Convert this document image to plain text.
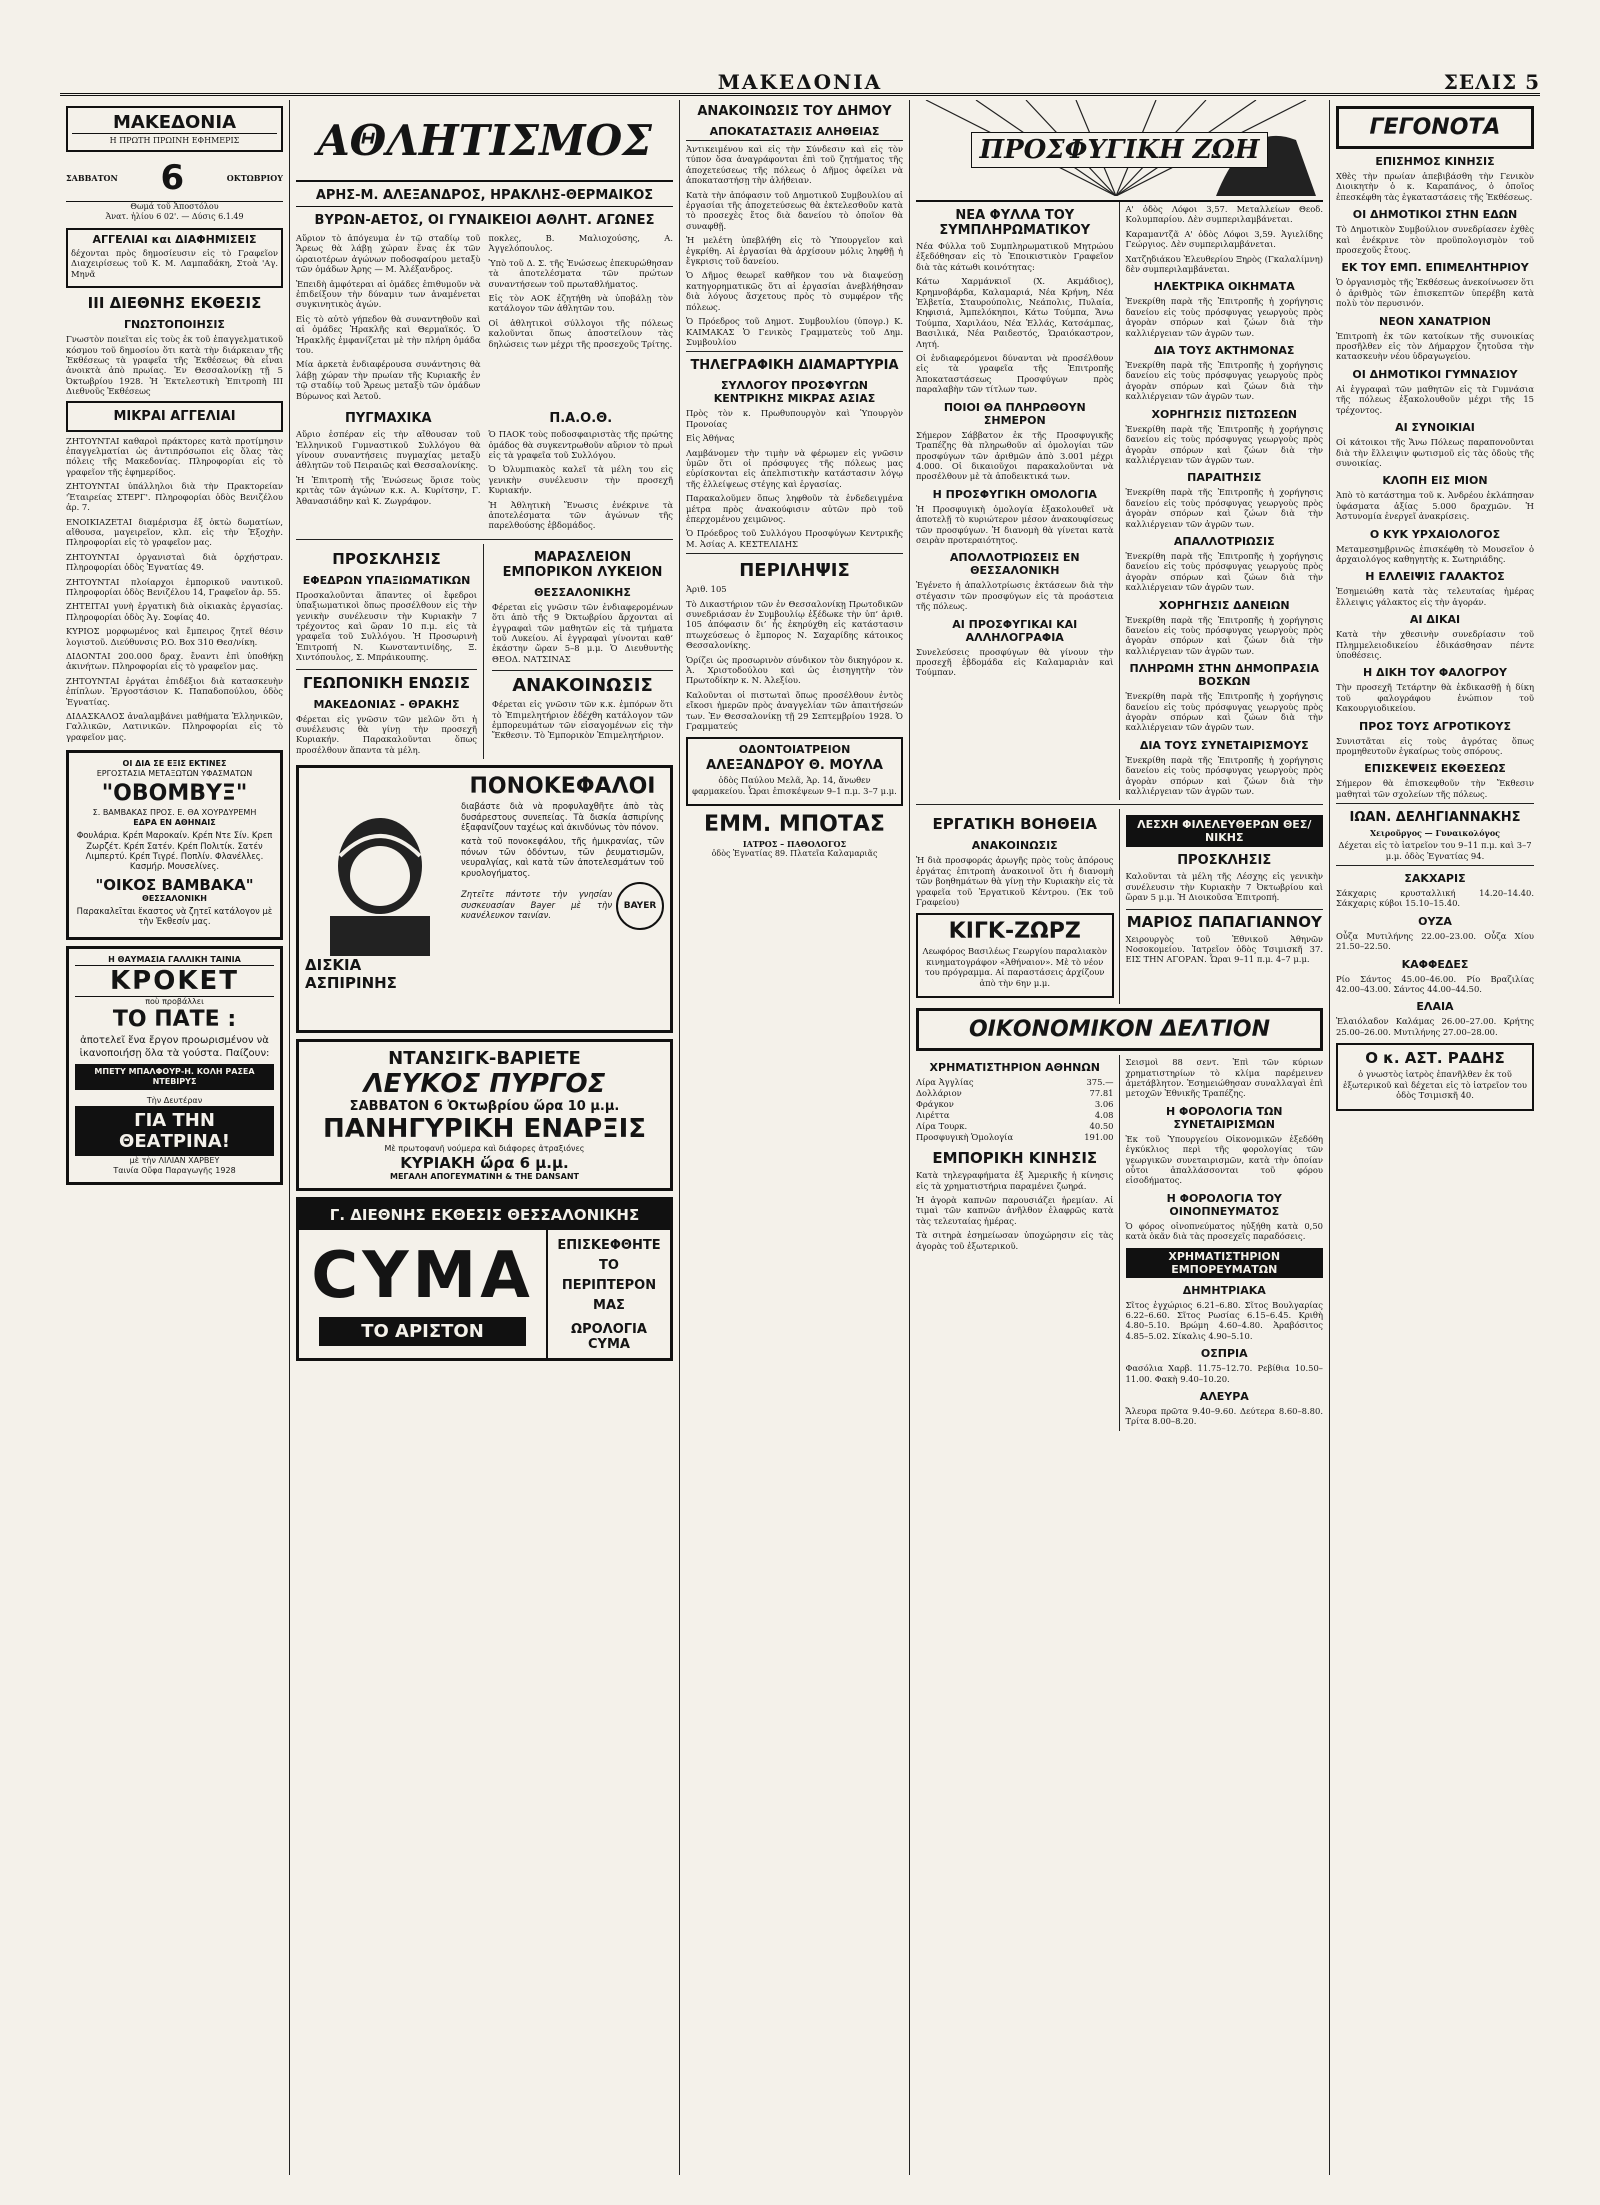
ΜΑΚΕΔΟΝΙΑ	ΣΕΛΙΣ 5
ΜΑΚΕΔΟΝΙΑ
Η ΠΡΩΤΗ ΠΡΩΙΝΗ ΕΦΗΜΕΡΙΣ
ΣΑΒΒΑΤΟΝ 6	ΟΚΤΩΒΡΙΟΥ
Θωμά τοῦ Ἀποστόλου
Ἀνατ. ἡλίου 6 02'. — Δύσις 6.1.49
ΑΓΓΕΛΙΑΙ και ΔΙΑΦΗΜΙΣΕΙΣ
δέχονται πρὸς δημοσίευσιν εἰς τὸ Γραφεῖον Διαχειρίσεως τοῦ Κ. Μ. Λαμπαδάκη, Στοὰ 'Αγ. Μηνᾶ
ΙΙΙ ΔΙΕΘΝΗΣ ΕΚΘΕΣΙΣ
ΓΝΩΣΤΟΠΟΙΗΣΙΣ
Γνωστὸν ποιεῖται εἰς τοὺς ἐκ τοῦ ἐπαγγελματικοῦ κόσμου τοῦ δημοσίου ὅτι κατὰ τὴν διάρκειαν τῆς Ἐκθέσεως τὰ γραφεῖα τῆς Ἐκθέσεως θὰ εἶναι ἀνοικτὰ ἀπὸ πρωίας. Ἐν Θεσσαλονίκῃ τῇ 5 Ὀκτωβρίου 1928. Ἡ Ἐκτελεστικὴ Ἐπιτροπὴ III Διεθνοῦς Ἐκθέσεως
ΜΙΚΡΑΙ ΑΓΓΕΛΙΑΙ
ΖΗΤΟΥΝΤΑΙ καθαροὶ πράκτορες κατὰ προτίμησιν ἐπαγγελματίαι ὡς ἀντιπρόσωποι εἰς ὅλας τὰς πόλεις τῆς Μακεδονίας. Πληροφορίαι εἰς τὸ γραφεῖον τῆς ἐφημερίδος.
ΖΗΤΟΥΝΤΑΙ ὑπάλληλοι διὰ τὴν Πρακτορείαν 'Ἐταιρείας ΣΤΕΡΓ'. Πληροφορίαι ὁδὸς Βενιζέλου ἀρ. 7.
ΕΝΟΙΚΙΑΖΕΤΑΙ διαμέρισμα ἐξ ὀκτὼ δωματίων, αἴθουσα, μαγειρεῖον, κλπ. εἰς τὴν Ἐξοχὴν. Πληροφορίαι εἰς τὸ γραφεῖον μας.
ΖΗΤΟΥΝΤΑΙ ὀργανισταὶ διὰ ὀρχήστραν. Πληροφορίαι ὁδὸς Ἐγνατίας 49.
ΖΗΤΟΥΝΤΑΙ πλοίαρχοι ἐμπορικοῦ ναυτικοῦ. Πληροφορίαι ὁδὸς Βενιζέλου 14, Γραφεῖον ἀρ. 55.
ΖΗΤΕΙΤΑΙ γυνὴ ἐργατικὴ διὰ οἰκιακὰς ἐργασίας. Πληροφορίαι ὁδὸς Ἁγ. Σοφίας 40.
ΚΥΡΙΟΣ μορφωμένος καὶ ἔμπειρος ζητεῖ θέσιν λογιστοῦ. Διεύθυνσις P.O. Box 310 Θεσ/νίκη.
ΔΙΔΟΝΤΑΙ 200.000 δραχ. ἔναντι ἐπὶ ὑποθήκῃ ἀκινήτων. Πληροφορίαι εἰς τὸ γραφεῖον μας.
ΖΗΤΟΥΝΤΑΙ ἐργάται ἐπιδέξιοι διὰ κατασκευὴν ἐπίπλων. Ἐργοστάσιον Κ. Παπαδοπούλου, ὁδὸς Ἐγνατίας.
ΔΙΔΑΣΚΑΛΟΣ ἀναλαμβάνει μαθήματα Ἑλληνικῶν, Γαλλικῶν, Λατινικῶν. Πληροφορίαι εἰς τὸ γραφεῖον μας.
ΟΙ ΔΙΑ ΣΕ ΕΞΙΣ ΕΚΤΙΝΕΣ
ΕΡΓΟΣΤΑΣΙΑ ΜΕΤΑΞΩΤΩΝ ΥΦΑΣΜΑΤΩΝ
"ΟΒΟΜΒΥΞ"
Σ. ΒΑΜΒΑΚΑΣ ΠΡΟΣ. Ε. ΘΑ ΧΟΥΡΔΥΡΕΜΗ
ΕΔΡΑ ΕΝ ΑΘΗΝΑΙΣ
Φουλάρια. Κρέπ Μαροκαίν. Κρέπ Ντε Σίν. Κρεπ Ζωρζέτ. Κρέπ Σατέν. Κρέπ Πολιτίκ. Σατέν Λιμπερτύ. Κρέπ Τιγρέ. Ποπλίν. Φλανέλλες. Κασμήρ. Μουσελίνες.
"ΟΙΚΟΣ ΒΑΜΒΑΚΑ"
ΘΕΣΣΑΛΟΝΙΚΗ
Παρακαλεῖται ἕκαστος νὰ ζητεῖ κατάλογον μὲ τὴν Ἐκθεσίν μας.
Η ΘΑΥΜΑΣΙΑ ΓΑΛΛΙΚΗ ΤΑΙΝΙΑ
ΚΡΟΚΕΤ
ποὺ προβάλλει
ΤΟ ΠΑΤΕ :
ἀποτελεῖ ἕνα ἔργον προωρισμένον νὰ ἱκανοποιήσῃ ὅλα τὰ γούστα. Παίζουν:
ΜΠΕΤΥ ΜΠΑΛΦΟΥΡ-Η. ΚΟΛΗ ΡΑΣΕΑ ΝΤΕΒΙΡΥΣ
Τὴν Δευτέραν
ΓΙΑ ΤΗΝ ΘΕΑΤΡΙΝΑ!
μὲ τὴν ΛΙΛΙΑΝ ΧΑΡΒΕΥ
Ταινία Οὔφα Παραγωγῆς 1928
ΑΘΛΗΤΙΣΜΟΣ
ΑΡΗΣ-Μ. ΑΛΕΞΑΝΔΡΟΣ, ΗΡΑΚΛΗΣ-ΘΕΡΜΑΙΚΟΣ
ΒΥΡΩΝ-ΑΕΤΟΣ, ΟΙ ΓΥΝΑΙΚΕΙΟΙ ΑΘΛΗΤ. ΑΓΩΝΕΣ
Αὔριον τὸ ἀπόγευμα ἐν τῷ σταδίῳ τοῦ Ἄρεως θὰ λάβῃ χώραν ἕνας ἐκ τῶν ὡραιοτέρων ἀγώνων ποδοσφαίρου μεταξὺ τῶν ὁμάδων Ἀρης — Μ. Ἀλέξανδρος.
Ἐπειδὴ ἀμφότεραι αἱ ὁμάδες ἐπιθυμοῦν νὰ ἐπιδείξουν τὴν δύναμιν των ἀναμένεται συγκινητικὸς ἀγών.
Εἰς τὸ αὐτὸ γήπεδον θὰ συναντηθοῦν καὶ αἱ ὁμάδες Ἡρακλῆς καὶ Θερμαϊκός. Ὁ Ἡρακλῆς ἐμφανίζεται μὲ τὴν πλήρη ὁμάδα του.
Μία ἀρκετὰ ἐνδιαφέρουσα συνάντησις θὰ λάβῃ χώραν τὴν πρωίαν τῆς Κυριακῆς ἐν τῷ σταδίῳ τοῦ Ἄρεως μεταξὺ τῶν ὁμάδων Βύρωνος καὶ Ἀετοῦ.
ποκλες, Β. Μαλιοχούσης, Α. Ἀγγελόπουλος.
Ὑπὸ τοῦ Δ. Σ. τῆς Ἑνώσεως ἐπεκυρώθησαν τὰ ἀποτελέσματα τῶν πρώτων συναντήσεων τοῦ πρωταθλήματος.
Εἰς τὸν ΑΟΚ ἐζητήθη νὰ ὑποβάλῃ τὸν κατάλογον τῶν ἀθλητῶν του.
Οἱ ἀθλητικοὶ σύλλογοι τῆς πόλεως καλοῦνται ὅπως ἀποστείλουν τὰς δηλώσεις των μέχρι τῆς προσεχοῦς Τρίτης.
ΠΥΓΜΑΧΙΚΑ
Αὔριο ἑσπέραν εἰς τὴν αἴθουσαν τοῦ Ἑλληνικοῦ Γυμναστικοῦ Συλλόγου θὰ γίνουν συναντήσεις πυγμαχίας μεταξὺ ἀθλητῶν τοῦ Πειραιῶς καὶ Θεσσαλονίκης.
Ἡ Ἐπιτροπὴ τῆς Ἑνώσεως ὅρισε τοὺς κριτὰς τῶν ἀγώνων κ.κ. Α. Κυρίτσην, Γ. Ἀθανασιάδην καὶ Κ. Ζωγράφον.
Π.Α.Ο.Θ.
Ὁ ΠΑΟΚ τοὺς ποδοσφαιριστὰς τῆς πρώτης ὁμάδος θὰ συγκεντρωθοῦν αὔριον τὸ πρωὶ εἰς τὰ γραφεῖα τοῦ Συλλόγου.
Ὁ Ὀλυμπιακὸς καλεῖ τὰ μέλη του εἰς γενικὴν συνέλευσιν τὴν προσεχῆ Κυριακήν.
Ἡ Ἀθλητικὴ Ἕνωσις ἐνέκρινε τὰ ἀποτελέσματα τῶν ἀγώνων τῆς παρελθούσης ἑβδομάδος.
ΠΡΟΣΚΛΗΣΙΣ
ΕΦΕΔΡΩΝ ΥΠΑΞΙΩΜΑΤΙΚΩΝ
Προσκαλοῦνται ἅπαντες οἱ ἔφεδροι ὑπαξιωματικοὶ ὅπως προσέλθουν εἰς τὴν γενικὴν συνέλευσιν τὴν Κυριακὴν 7 τρέχοντος καὶ ὥραν 10 π.μ. εἰς τὰ γραφεῖα τοῦ Συλλόγου. Ἡ Προσωρινὴ Ἐπιτροπή Ν. Κωνσταντινίδης, Ξ. Χιντόπουλος, Σ. Μπράικουπης.
ΓΕΩΠΟΝΙΚΗ ΕΝΩΣΙΣ
ΜΑΚΕΔΟΝΙΑΣ - ΘΡΑΚΗΣ
Φέρεται εἰς γνῶσιν τῶν μελῶν ὅτι ἡ συνέλευσις θὰ γίνῃ τὴν προσεχῆ Κυριακήν. Παρακαλοῦνται ὅπως προσέλθουν ἅπαντα τὰ μέλη.
ΜΑΡΑΣΛΕΙΟΝ ΕΜΠΟΡΙΚΟΝ ΛΥΚΕΙΟΝ
ΘΕΣΣΑΛΟΝΙΚΗΣ
Φέρεται εἰς γνῶσιν τῶν ἐνδιαφερομένων ὅτι ἀπὸ τῆς 9 Ὀκτωβρίου ἄρχονται αἱ ἐγγραφαὶ τῶν μαθητῶν εἰς τὰ τμήματα τοῦ Λυκείου. Αἱ ἐγγραφαὶ γίνονται καθ’ ἑκάστην ὥραν 5–8 μ.μ. Ὁ Διευθυντὴς ΘΕΟΔ. ΝΑΤΣΙΝΑΣ
ΑΝΑΚΟΙΝΩΣΙΣ
Φέρεται εἰς γνῶσιν τῶν κ.κ. ἐμπόρων ὅτι τὸ Ἐπιμελητήριον ἐδέχθη κατάλογον τῶν ἐμπορευμάτων τῶν εἰσαγομένων εἰς τὴν Ἔκθεσιν. Τὸ Ἐμπορικὸν Ἐπιμελητήριον.
ΔΙΣΚΙΑ ΑΣΠΙΡΙΝΗΣ
ΠΟΝΟΚΕΦΑΛΟΙ
διαβάστε διὰ νὰ προφυλαχθῆτε ἀπὸ τὰς δυσάρεστους συνεπείας. Τὰ δισκία ἀσπιρίνης ἐξαφανίζουν ταχέως καὶ ἀκινδύνως τὸν πόνον.
κατὰ τοῦ πονοκεφάλου, τῆς ἡμικρανίας, τῶν πόνων τῶν ὀδόντων, τῶν ῥευματισμῶν, νευραλγίας, καὶ κατὰ τῶν ἀποτελεσμάτων τοῦ κρυολογήματος.
Ζητεῖτε πάντοτε τὴν γνησίαν συσκευασίαν Bayer μὲ τὴν κυανέλευκον ταινίαν.
BAYER
ΝΤΑΝΣΙΓΚ-ΒΑΡΙΕΤΕ
ΛΕΥΚΟΣ ΠΥΡΓΟΣ
ΣΑΒΒΑΤΟΝ 6 Ὀκτωβρίου ὥρα 10 μ.μ.
ΠΑΝΗΓΥΡΙΚΗ ΕΝΑΡΞΙΣ
Μὲ πρωτοφανῆ νούμερα καὶ διάφορες ἀτραξιόνες
ΚΥΡΙΑΚΗ ὥρα 6 μ.μ.
ΜΕΓΑΛΗ ΑΠΟΓΕΥΜΑΤΙΝΗ & THE DANSANT
Γ. ΔΙΕΘΝΗΣ ΕΚΘΕΣΙΣ ΘΕΣΣΑΛΟΝΙΚΗΣ
CYMA
ΤΟ ΑΡΙΣΤΟΝ
ΕΠΙΣΚΕΦΘΗΤΕ ΤΟ ΠΕΡΙΠΤΕΡΟΝ ΜΑΣ
ΩΡΟΛΟΓΙΑ CYMA
ΑΝΑΚΟΙΝΩΣΙΣ ΤΟΥ ΔΗΜΟΥ
ΑΠΟΚΑΤΑΣΤΑΣΙΣ ΑΛΗΘΕΙΑΣ
Ἀντικειμένου καὶ εἰς τὴν Σύνδεσιν καὶ εἰς τὸν τύπον ὅσα ἀναγράφονται ἐπὶ τοῦ ζητήματος τῆς ἀποχετεύσεως τῆς πόλεως ὁ Δῆμος ὀφείλει νὰ ἀποκαταστήσῃ τὴν ἀλήθειαν.
Κατὰ τὴν ἀπόφασιν τοῦ Δημοτικοῦ Συμβουλίου αἱ ἐργασίαι τῆς ἀποχετεύσεως θὰ ἐκτελεσθοῦν κατὰ τὸ προσεχὲς ἔτος διὰ δανείου τὸ ὁποῖον θὰ συναφθῇ.
Ἡ μελέτη ὑπεβλήθη εἰς τὸ Ὑπουργεῖον καὶ ἐγκρίθη. Αἱ ἐργασίαι θὰ ἀρχίσουν μόλις ληφθῇ ἡ ἔγκρισις τοῦ δανείου.
Ὁ Δῆμος θεωρεῖ καθῆκον του νὰ διαψεύσῃ κατηγορηματικῶς ὅτι αἱ ἐργασίαι ἀνεβλήθησαν διὰ λόγους ἄσχετους πρὸς τὸ συμφέρον τῆς πόλεως.
Ὁ Πρόεδρος τοῦ Δημοτ. Συμβουλίου (ὑπογρ.) Κ. ΚΑΙΜΑΚΑΣ Ὁ Γενικὸς Γραμματεὺς τοῦ Δημ. Συμβουλίου
ΤΗΛΕΓΡΑΦΙΚΗ ΔΙΑΜΑΡΤΥΡΙΑ
ΣΥΛΛΟΓΟΥ ΠΡΟΣΦΥΓΩΝ ΚΕΝΤΡΙΚΗΣ ΜΙΚΡΑΣ ΑΣΙΑΣ
Πρὸς τὸν κ. Πρωθυπουργὸν καὶ Ὑπουργὸν Προνοίας
Εἰς Ἀθήνας
Λαμβάνομεν τὴν τιμὴν νὰ φέρωμεν εἰς γνῶσιν ὑμῶν ὅτι οἱ πρόσφυγες τῆς πόλεως μας εὑρίσκονται εἰς ἀπελπιστικὴν κατάστασιν λόγῳ τῆς ἐλλείψεως στέγης καὶ ἐργασίας.
Παρακαλοῦμεν ὅπως ληφθοῦν τὰ ἐνδεδειγμένα μέτρα πρὸς ἀνακούφισιν αὐτῶν πρὸ τοῦ ἐπερχομένου χειμῶνος.
Ὁ Πρόεδρος τοῦ Συλλόγου Προσφύγων Κεντρικῆς Μ. Ἀσίας Α. ΚΕΣΤΕΛΙΔΗΣ
ΠΕΡΙΛΗΨΙΣ
Ἀριθ. 105
Τὸ Δικαστήριον τῶν ἐν Θεσσαλονίκῃ Πρωτοδικῶν συνεδριάσαν ἐν Συμβουλίῳ ἐξέδωκε τὴν ὑπ’ ἀριθ. 105 ἀπόφασιν δι’ ἧς ἐκηρύχθη εἰς κατάστασιν πτωχεύσεως ὁ ἔμπορος Ν. Σαχαρίδης κάτοικος Θεσσαλονίκης.
Ὁρίζει ὡς προσωρινὸν σύνδικον τὸν δικηγόρον κ. Ἀ. Χριστοδούλου καὶ ὡς ἐισηγητὴν τὸν Πρωτοδίκην κ. Ν. Ἀλεξίου.
Καλοῦνται οἱ πιστωταὶ ὅπως προσέλθουν ἐντὸς εἴκοσι ἡμερῶν πρὸς ἀναγγελίαν τῶν ἀπαιτήσεών των. Ἐν Θεσσαλονίκῃ τῇ 29 Σεπτεμβρίου 1928. Ὁ Γραμματεύς
ΟΔΟΝΤΟΙΑΤΡΕΙΟΝ
ΑΛΕΞΑΝΔΡΟΥ Θ. ΜΟΥΛΑ
ὁδὸς Παύλου Μελᾶ, Ἀρ. 14, ἄνωθεν φαρμακείου. Ὧραι ἐπισκέψεων 9–1 π.μ. 3–7 μ.μ.
ΕΜΜ. ΜΠΟΤΑΣ
ΙΑΤΡΟΣ – ΠΑΘΟΛΟΓΟΣ
ὁδὸς Ἐγνατίας 89. Πλατεῖα Καλαμαριᾶς
ΠΡΟΣΦΥΓΙΚΗ ΖΩΗ
ΝΕΑ ΦΥΛΛΑ ΤΟΥ ΣΥΜΠΛΗΡΩΜΑΤΙΚΟΥ
Νέα Φύλλα τοῦ Συμπληρωματικοῦ Μητρώου ἐξεδόθησαν εἰς τὸ Ἐποικιστικὸν Γραφεῖον διὰ τὰς κάτωθι κοινότητας:
Κάτω Χαρμάνκιοϊ (Χ. Ακμάδιος), Κρημνοβάρδα, Καλαμαριά, Νέα Κρήνη, Νέα Ἐλβετία, Σταυρούπολις, Νεάπολις, Πυλαία, Κηφισιά, Ἀμπελόκηποι, Κάτω Τούμπα, Ἄνω Τούμπα, Χαριλάου, Νέα Ἑλλάς, Κατσάμπας, Βασιλικά, Νέα Ραιδεστός, Ὡραιόκαστρον, Λητή.
Οἱ ἐνδιαφερόμενοι δύνανται νὰ προσέλθουν εἰς τὰ γραφεῖα τῆς Ἐπιτροπῆς Ἀποκαταστάσεως Προσφύγων πρὸς παραλαβὴν τῶν τίτλων των.
ΠΟΙΟΙ ΘΑ ΠΛΗΡΩΘΟΥΝ ΣΗΜΕΡΟΝ
Σήμερον Σάββατον ἐκ τῆς Προσφυγικῆς Τραπέζης θὰ πληρωθοῦν αἱ ὁμολογίαι τῶν προσφύγων τῶν ἀριθμῶν ἀπὸ 3.001 μέχρι 4.000. Οἱ δικαιοῦχοι παρακαλοῦνται νὰ προσέλθουν μὲ τὰ ἀποδεικτικά των.
Η ΠΡΟΣΦΥΓΙΚΗ ΟΜΟΛΟΓΙΑ
Ἡ Προσφυγικὴ ὁμολογία ἐξακολουθεῖ νὰ ἀποτελῇ τὸ κυριώτερον μέσον ἀνακουφίσεως τῶν προσφύγων. Ἡ διανομὴ θὰ γίνεται κατὰ σειρὰν προτεραιότητος.
ΑΠΟΛΛΟΤΡΙΩΣΕΙΣ ΕΝ ΘΕΣΣΑΛΟΝΙΚΗ
Ἐγένετο ἡ ἀπαλλοτρίωσις ἐκτάσεων διὰ τὴν στέγασιν τῶν προσφύγων εἰς τὰ προάστεια τῆς πόλεως.
ΑΙ ΠΡΟΣΦΥΓΙΚΑΙ ΚΑΙ ΑΛΛΗΛΟΓΡΑΦΙΑ
Συνελεύσεις προσφύγων θὰ γίνουν τὴν προσεχῆ ἑβδομάδα εἰς Καλαμαριὰν καὶ Τούμπαν.
Α' ὁδὸς Λόφοι 3,57. Μεταλλείων Θεοδ. Κολυμπαρίου. Δὲν συμπεριλαμβάνεται.
Καραμαντζᾶ Α' ὁδὸς Λόφοι 3,59. Ἀγιελίδης Γεώργιος. Δὲν συμπεριλαμβάνεται.
Χατζηδιάκου Ἐλευθερίου Ξηρὸς (Γκαλαλίμνη) δὲν συμπεριλαμβάνεται.
ΗΛΕΚΤΡΙΚΑ ΟΙΚΗΜΑΤΑ
Ἐνεκρίθη παρὰ τῆς Ἐπιτροπῆς ἡ χορήγησις δανείου εἰς τοὺς πρόσφυγας γεωργοὺς πρὸς ἀγορὰν σπόρων καὶ ζώων διὰ τὴν καλλιέργειαν τῶν ἀγρῶν των.
ΔΙΑ ΤΟΥΣ ΑΚΤΗΜΟΝΑΣ
Ἐνεκρίθη παρὰ τῆς Ἐπιτροπῆς ἡ χορήγησις δανείου εἰς τοὺς πρόσφυγας γεωργοὺς πρὸς ἀγορὰν σπόρων καὶ ζώων διὰ τὴν καλλιέργειαν τῶν ἀγρῶν των.
ΧΟΡΗΓΗΣΙΣ ΠΙΣΤΩΣΕΩΝ
Ἐνεκρίθη παρὰ τῆς Ἐπιτροπῆς ἡ χορήγησις δανείου εἰς τοὺς πρόσφυγας γεωργοὺς πρὸς ἀγορὰν σπόρων καὶ ζώων διὰ τὴν καλλιέργειαν τῶν ἀγρῶν των.
ΠΑΡΑΙΤΗΣΙΣ
Ἐνεκρίθη παρὰ τῆς Ἐπιτροπῆς ἡ χορήγησις δανείου εἰς τοὺς πρόσφυγας γεωργοὺς πρὸς ἀγορὰν σπόρων καὶ ζώων διὰ τὴν καλλιέργειαν τῶν ἀγρῶν των.
ΑΠΑΛΛΟΤΡΙΩΣΙΣ
Ἐνεκρίθη παρὰ τῆς Ἐπιτροπῆς ἡ χορήγησις δανείου εἰς τοὺς πρόσφυγας γεωργοὺς πρὸς ἀγορὰν σπόρων καὶ ζώων διὰ τὴν καλλιέργειαν τῶν ἀγρῶν των.
ΧΟΡΗΓΗΣΙΣ ΔΑΝΕΙΩΝ
Ἐνεκρίθη παρὰ τῆς Ἐπιτροπῆς ἡ χορήγησις δανείου εἰς τοὺς πρόσφυγας γεωργοὺς πρὸς ἀγορὰν σπόρων καὶ ζώων διὰ τὴν καλλιέργειαν τῶν ἀγρῶν των.
ΠΛΗΡΩΜΗ ΣΤΗΝ ΔΗΜΟΠΡΑΣΙΑ ΒΟΣΚΩΝ
Ἐνεκρίθη παρὰ τῆς Ἐπιτροπῆς ἡ χορήγησις δανείου εἰς τοὺς πρόσφυγας γεωργοὺς πρὸς ἀγορὰν σπόρων καὶ ζώων διὰ τὴν καλλιέργειαν τῶν ἀγρῶν των.
ΔΙΑ ΤΟΥΣ ΣΥΝΕΤΑΙΡΙΣΜΟΥΣ
Ἐνεκρίθη παρὰ τῆς Ἐπιτροπῆς ἡ χορήγησις δανείου εἰς τοὺς πρόσφυγας γεωργοὺς πρὸς ἀγορὰν σπόρων καὶ ζώων διὰ τὴν καλλιέργειαν τῶν ἀγρῶν των.
ΕΡΓΑΤΙΚΗ ΒΟΗΘΕΙΑ
ΑΝΑΚΟΙΝΩΣΙΣ
Ἡ διὰ προσφοράς ἀρωγῆς πρὸς τοὺς ἀπόρους ἐργάτας ἐπιτροπὴ ἀνακοινοῖ ὅτι ἡ διανομὴ τῶν βοηθημάτων θὰ γίνῃ τὴν Κυριακὴν εἰς τὰ γραφεῖα τοῦ Ἐργατικοῦ Κέντρου. (Ἐκ τοῦ Γραφείου)
ΚΙΓΚ-ΖΩΡΖ
Λεωφόρος Βασιλέως Γεωργίου παραλιακὸν κινηματογράφον «Ἀθήναιον». Μὲ τὸ νέον του πρόγραμμα. Αἱ παραστάσεις ἀρχίζουν ἀπὸ τὴν 6ην μ.μ.
ΛΕΣΧΗ ΦΙΛΕΛΕΥΘΕΡΩΝ ΘΕΣ/ΝΙΚΗΣ
ΠΡΟΣΚΛΗΣΙΣ
Καλοῦνται τὰ μέλη τῆς Λέσχης εἰς γενικὴν συνέλευσιν τὴν Κυριακὴν 7 Ὀκτωβρίου καὶ ὥραν 5 μ.μ. Ἡ Διοικοῦσα Ἐπιτροπή.
ΜΑΡΙΟΣ ΠΑΠΑΓΙΑΝΝΟΥ
Χειρουργὸς τοῦ Ἐθνικοῦ Ἀθηνῶν Νοσοκομείου. Ἰατρεῖον ὁδὸς Τσιμισκῆ 37. ΕΙΣ ΤΗΝ ΑΓΟΡΑΝ. Ὧραι 9–11 π.μ. 4–7 μ.μ.
ΟΙΚΟΝΟΜΙΚΟΝ ΔΕΛΤΙΟΝ
ΧΡΗΜΑΤΙΣΤΗΡΙΟΝ ΑΘΗΝΩΝ
Λίρα Ἀγγλίας	375.—
Δολλάριον	77.81
Φράγκον	3.06
Λιρέττα	4.08
Λίρα Τουρκ.	40.50
Προσφυγικὴ Ὁμολογία	191.00
ΕΜΠΟΡΙΚΗ ΚΙΝΗΣΙΣ
Κατὰ τηλεγραφήματα ἐξ Ἀμερικῆς ἡ κίνησις εἰς τὰ χρηματιστήρια παραμένει ζωηρά.
Ἡ ἀγορὰ καπνῶν παρουσιάζει ἠρεμίαν. Αἱ τιμαὶ τῶν καπνῶν ἀνῆλθον ἐλαφρῶς κατὰ τὰς τελευταίας ἡμέρας.
Τὰ σιτηρὰ ἐσημείωσαν ὑποχώρησιν εἰς τὰς ἀγορὰς τοῦ ἐξωτερικοῦ.
Σεισμοὶ 88 σεντ. Ἐπὶ τῶν κύριων χρηματιστηρίων τὸ κλίμα παρέμεινεν ἀμετάβλητον. Ἐσημειώθησαν συναλλαγαὶ ἐπὶ μετοχῶν Ἐθνικῆς Τραπέζης.
Η ΦΟΡΟΛΟΓΙΑ ΤΩΝ ΣΥΝΕΤΑΙΡΙΣΜΩΝ
Ἐκ τοῦ Ὑπουργείου Οἰκονομικῶν ἐξεδόθη ἐγκύκλιος περὶ τῆς φορολογίας τῶν γεωργικῶν συνεταιρισμῶν, κατὰ τὴν ὁποίαν οὗτοι ἀπαλλάσσονται τοῦ φόρου εἰσοδήματος.
Η ΦΟΡΟΛΟΓΙΑ ΤΟΥ ΟΙΝΟΠΝΕΥΜΑΤΟΣ
Ὁ φόρος οἰνοπνεύματος ηὐξήθη κατὰ 0,50 κατὰ ὀκᾶν διὰ τὰς προσεχεῖς παραδόσεις.
ΧΡΗΜΑΤΙΣΤΗΡΙΟΝ ΕΜΠΟΡΕΥΜΑΤΩΝ
ΔΗΜΗΤΡΙΑΚΑ
Σῖτος ἐγχώριος 6.21–6.80. Σῖτος Βουλγαρίας 6.22–6.60. Σῖτος Ρωσίας 6.15–6.45. Κριθὴ 4.80–5.10. Βρώμη 4.60–4.80. Ἀραβόσιτος 4.85–5.02. Σίκαλις 4.90–5.10.
ΟΣΠΡΙΑ
Φασόλια Χαρβ. 11.75–12.70. Ρεβίθια 10.50–11.00. Φακὴ 9.40–10.20.
ΑΛΕΥΡΑ
Ἄλευρα πρῶτα 9.40–9.60. Δεύτερα 8.60–8.80. Τρίτα 8.00–8.20.
ΓΕΓΟΝΟΤΑ
ΕΠΙΣΗΜΟΣ ΚΙΝΗΣΙΣ
Χθὲς τὴν πρωίαν ἀπεβιβάσθη τὴν Γενικὸν Διοικητὴν ὁ κ. Καραπάνος, ὁ ὁποῖος ἐπεσκέφθη τὰς ἐγκαταστάσεις τῆς Ἐκθέσεως.
ΟΙ ΔΗΜΟΤΙΚΟΙ ΣΤΗΝ ΕΔΩΝ
Τὸ Δημοτικὸν Συμβούλιον συνεδρίασεν ἐχθὲς καὶ ἐνέκρινε τὸν προϋπολογισμὸν τοῦ προσεχοῦς ἔτους.
ΕΚ ΤΟΥ ΕΜΠ. ΕΠΙΜΕΛΗΤΗΡΙΟΥ
Ὁ ὀργανισμὸς τῆς Ἐκθέσεως ἀνεκοίνωσεν ὅτι ὁ ἀριθμὸς τῶν ἐπισκεπτῶν ὑπερέβη κατὰ πολὺ τὸν περυσινόν.
ΝΕΟΝ ΧΑΝΑΤΡΙΟΝ
Ἐπιτροπὴ ἐκ τῶν κατοίκων τῆς συνοικίας προσῆλθεν εἰς τὸν Δήμαρχον ζητοῦσα τὴν κατασκευὴν νέου ὑδραγωγείου.
ΟΙ ΔΗΜΟΤΙΚΟΙ ΓΥΜΝΑΣΙΟΥ
Αἱ ἐγγραφαὶ τῶν μαθητῶν εἰς τὰ Γυμνάσια τῆς πόλεως ἐξακολουθοῦν μέχρι τῆς 15 τρέχοντος.
ΑΙ ΣΥΝΟΙΚΙΑΙ
Οἱ κάτοικοι τῆς Ἄνω Πόλεως παραπονοῦνται διὰ τὴν ἔλλειψιν φωτισμοῦ εἰς τὰς ὁδοὺς τῆς συνοικίας.
ΚΛΟΠΗ ΕΙΣ ΜΙΟΝ
Ἀπὸ τὸ κατάστημα τοῦ κ. Ἀνδρέου ἐκλάπησαν ὑφάσματα ἀξίας 5.000 δραχμῶν. Ἡ Ἀστυνομία ἐνεργεῖ ἀνακρίσεις.
Ο ΚΥΚ ΥΡΧΑΙΟΛΟΓΟΣ
Μεταμεσημβρινῶς ἐπισκέφθη τὸ Μουσεῖον ὁ ἀρχαιολόγος καθηγητὴς κ. Σωτηριάδης.
Η ΕΛΛΕΙΨΙΣ ΓΑΛΑΚΤΟΣ
Ἐσημειώθη κατὰ τὰς τελευταίας ἡμέρας ἔλλειψις γάλακτος εἰς τὴν ἀγοράν.
ΑΙ ΔΙΚΑΙ
Κατὰ τὴν χθεσινὴν συνεδρίασιν τοῦ Πλημμελειοδικείου ἐδικάσθησαν πέντε ὑποθέσεις.
Η ΔΙΚΗ ΤΟΥ ΦΑΛΟΓΡΟΥ
Τὴν προσεχῆ Τετάρτην θὰ ἐκδικασθῇ ἡ δίκη τοῦ φαλογράφου ἐνώπιον τοῦ Κακουργιοδικείου.
ΠΡΟΣ ΤΟΥΣ ΑΓΡΟΤΙΚΟΥΣ
Συνιστᾶται εἰς τοὺς ἀγρότας ὅπως προμηθευτοῦν ἐγκαίρως τοὺς σπόρους.
ΕΠΙΣΚΕΨΕΙΣ ΕΚΘΕΣΕΩΣ
Σήμερον θὰ ἐπισκεφθοῦν τὴν Ἔκθεσιν μαθηταὶ τῶν σχολείων τῆς πόλεως.
ΙΩΑΝ. ΔΕΛΗΓΙΑΝΝΑΚΗΣ
Χειροῦργος — Γυναικολόγος
Δέχεται εἰς τὸ ἰατρεῖον του 9–11 π.μ. καὶ 3–7 μ.μ. ὁδὸς Ἐγνατίας 94.
ΣΑΚΧΑΡΙΣ
Σάκχαρις κρυσταλλική 14.20–14.40. Σάκχαρις κύβοι 15.10–15.40.
ΟΥΖΑ
Οὖζα Μυτιλήνης 22.00–23.00. Οὖζα Χίου 21.50–22.50.
ΚΑΦΦΕΔΕΣ
Ρίο Σάντος 45.00–46.00. Ρίο Βραζιλίας 42.00–43.00. Σάντος 44.00–44.50.
ΕΛΑΙΑ
Ἐλαιόλαδον Καλάμας 26.00–27.00. Κρήτης 25.00–26.00. Μυτιλήνης 27.00–28.00.
Ο κ. ΑΣΤ. ΡΑΔΗΣ
ὁ γνωστὸς ἰατρὸς ἐπανῆλθεν ἐκ τοῦ ἐξωτερικοῦ καὶ δέχεται εἰς τὸ ἰατρεῖον του ὁδὸς Τσιμισκῆ 40.
